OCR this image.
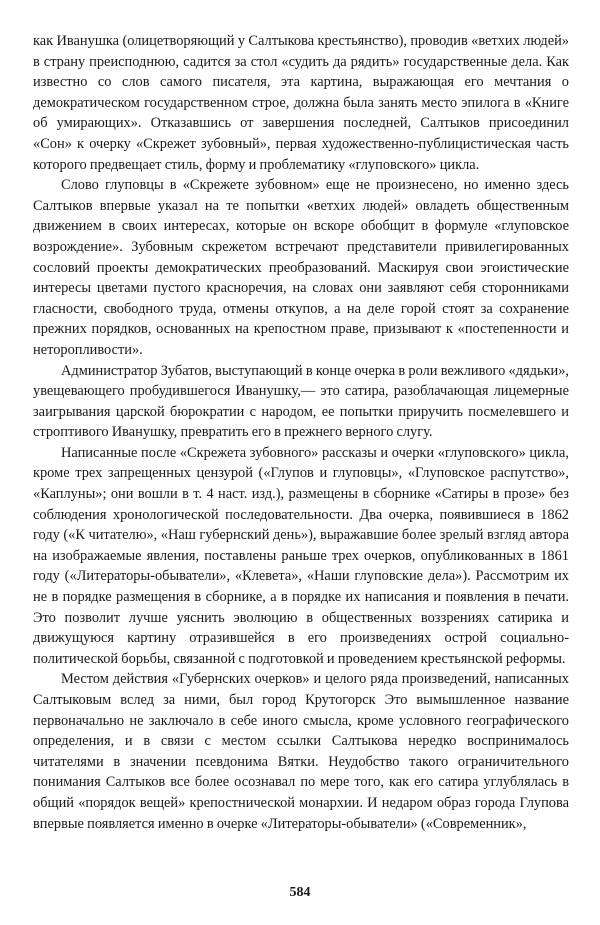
как Иванушка (олицетворяющий у Салтыкова крестьянство), проводив «ветхих людей» в страну преисподнюю, садится за стол «судить да рядить» государственные дела. Как известно со слов самого писателя, эта картина, выражающая его мечтания о демократическом государственном строе, должна была занять место эпилога в «Книге об умирающих». Отказавшись от завершения последней, Салтыков присоединил «Сон» к очерку «Скрежет зубовный», первая художественно-публицистическая часть которого предвещает стиль, форму и проблематику «глуповского» цикла.

Слово глуповцы в «Скрежете зубовном» еще не произнесено, но именно здесь Салтыков впервые указал на те попытки «ветхих людей» овладеть общественным движением в своих интересах, которые он вскоре обобщит в формуле «глуповское возрождение». Зубовным скрежетом встречают представители привилегированных сословий проекты демократических преобразований. Маскируя свои эгоистические интересы цветами пустого красноречия, на словах они заявляют себя сторонниками гласности, свободного труда, отмены откупов, а на деле горой стоят за сохранение прежних порядков, основанных на крепостном праве, призывают к «постепенности и неторопливости».

Администратор Зубатов, выступающий в конце очерка в роли вежливого «дядьки», увещевающего пробудившегося Иванушку,— это сатира, разоблачающая лицемерные заигрывания царской бюрократии с народом, ее попытки приручить посмелевшего и строптивого Иванушку, превратить его в прежнего верного слугу.

Написанные после «Скрежета зубовного» рассказы и очерки «глуповского» цикла, кроме трех запрещенных цензурой («Глупов и глуповцы», «Глуповское распутство», «Каплуны»; они вошли в т. 4 наст. изд.), размещены в сборнике «Сатиры в прозе» без соблюдения хронологической последовательности. Два очерка, появившиеся в 1862 году («К читателю», «Наш губернский день»), выражавшие более зрелый взгляд автора на изображаемые явления, поставлены раньше трех очерков, опубликованных в 1861 году («Литераторы-обыватели», «Клевета», «Наши глуповские дела»). Рассмотрим их не в порядке размещения в сборнике, а в порядке их написания и появления в печати. Это позволит лучше уяснить эволюцию в общественных воззрениях сатирика и движущуюся картину отразившейся в его произведениях острой социально-политической борьбы, связанной с подготовкой и проведением крестьянской реформы.

Местом действия «Губернских очерков» и целого ряда произведений, написанных Салтыковым вслед за ними, был город Крутогорск Это вымышленное название первоначально не заключало в себе иного смысла, кроме условного географического определения, и в связи с местом ссылки Салтыкова нередко воспринималось читателями в значении псевдонима Вятки. Неудобство такого ограничительного понимания Салтыков все более осознавал по мере того, как его сатира углублялась в общий «порядок вещей» крепостнической монархии. И недаром образ города Глупова впервые появляется именно в очерке «Литераторы-обыватели» («Современник»,

584
